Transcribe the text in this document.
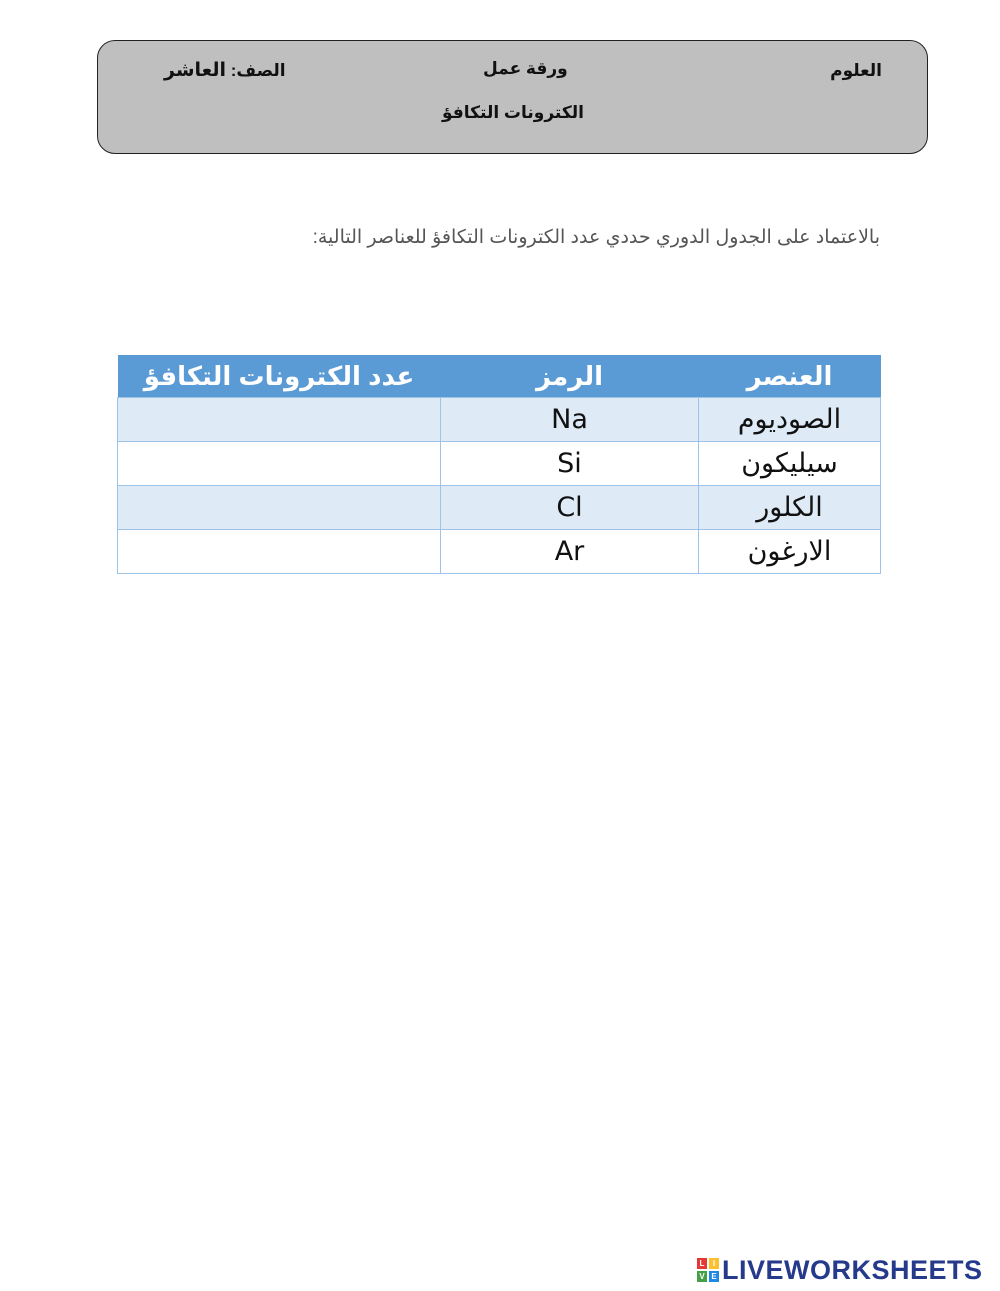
العلوم
ورقة عمل
الصف: العاشر
الكترونات التكافؤ
بالاعتماد على الجدول الدوري حددي عدد الكترونات التكافؤ للعناصر التالية:
العنصر	الرمز	عدد الكترونات التكافؤ
الصوديوم	Na	
سيليكون	Si	
الكلور	Cl	
الارغون	Ar	
L	I
V E LIVEWORKSHEETS
